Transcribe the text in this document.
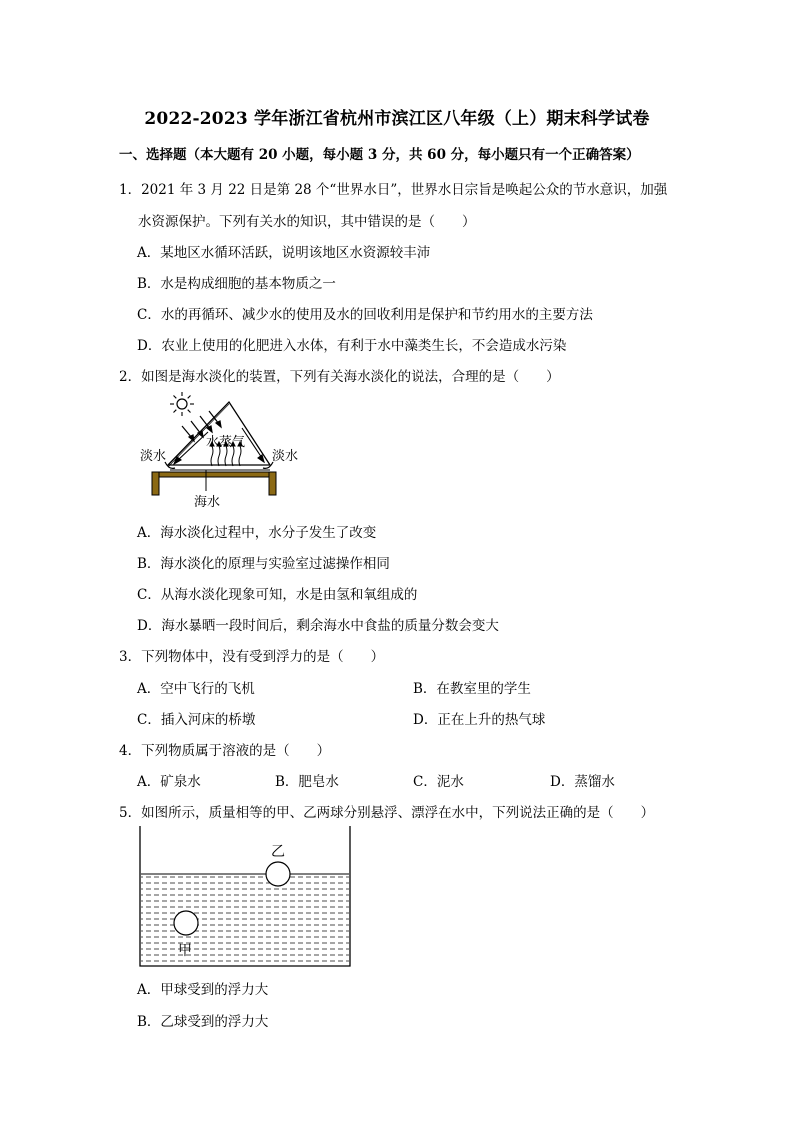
2022-2023 学年浙江省杭州市滨江区八年级（上）期末科学试卷
一、选择题（本大题有 20 小题，每小题 3 分，共 60 分，每小题只有一个正确答案）
1．2021 年 3 月 22 日是第 28 个“世界水日”，世界水日宗旨是唤起公众的节水意识，加强
水资源保护。下列有关水的知识，其中错误的是（　　）
A．某地区水循环活跃，说明该地区水资源较丰沛
B．水是构成细胞的基本物质之一
C．水的再循环、减少水的使用及水的回收利用是保护和节约用水的主要方法
D．农业上使用的化肥进入水体，有利于水中藻类生长，不会造成水污染
2．如图是海水淡化的装置，下列有关海水淡化的说法，合理的是（　　）
淡水	淡水
水蒸气
海水
A．海水淡化过程中，水分子发生了改变
B．海水淡化的原理与实验室过滤操作相同
C．从海水淡化现象可知，水是由氢和氧组成的
D．海水暴晒一段时间后，剩余海水中食盐的质量分数会变大
3．下列物体中，没有受到浮力的是（　　）
A．空中飞行的飞机	B．在教室里的学生
C．插入河床的桥墩	D．正在上升的热气球
4．下列物质属于溶液的是（　　）
A．矿泉水	B．肥皂水	C．泥水	D．蒸馏水
5．如图所示，质量相等的甲、乙两球分别悬浮、漂浮在水中，下列说法正确的是（　　）
乙
甲
A．甲球受到的浮力大
B．乙球受到的浮力大
